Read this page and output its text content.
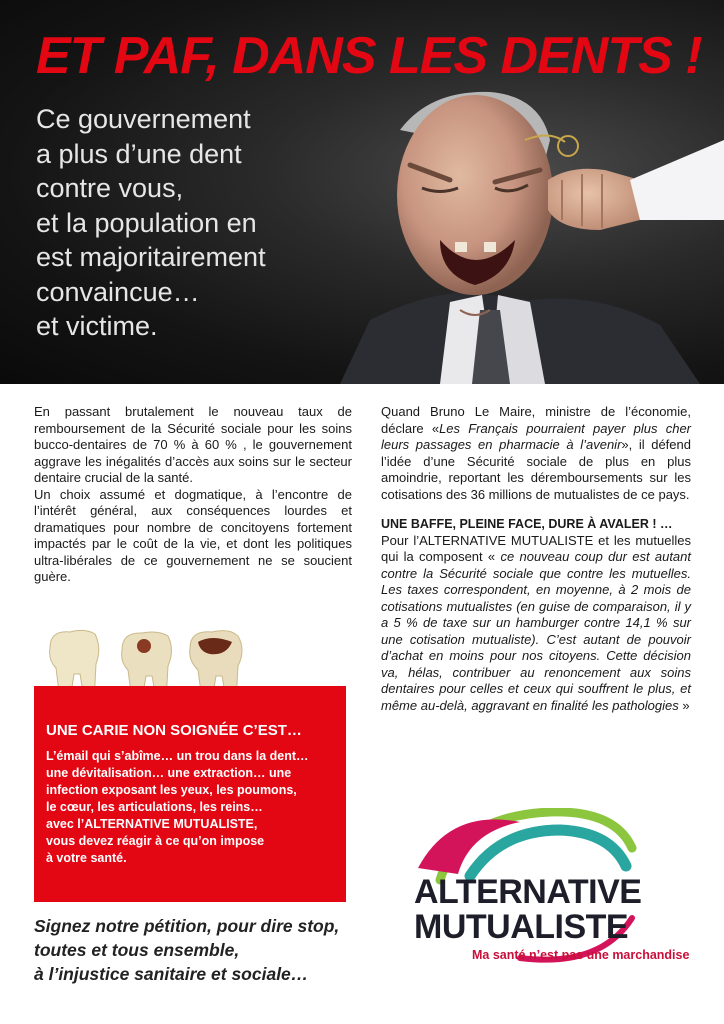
ET PAF, DANS LES DENTS !
Ce gouvernement
a plus d’une dent
contre vous,
et la population en
est majoritairement
convaincue…
et victime.

En passant brutalement le nouveau taux de remboursement de la Sécurité sociale pour les soins bucco-dentaires de 70 % à 60 % , le gouvernement aggrave les inégalités d’accès aux soins sur le secteur dentaire crucial de la santé.

Un choix assumé et dogmatique, à l’encontre de l’intérêt général, aux conséquences lourdes et dramatiques pour nombre de concitoyens fortement impactés par le coût de la vie, et dont les politiques ultra-libérales de ce gouvernement ne se soucient guère.

UNE CARIE NON SOIGNÉE C’EST…
L’émail qui s’abîme… un trou dans la dent…
une dévitalisation… une extraction… une
infection exposant les yeux, les poumons,
le cœur, les articulations, les reins…
avec l’ALTERNATIVE MUTUALISTE,
vous devez réagir à ce qu’on impose
à votre santé.
Signez notre pétition, pour dire stop,
toutes et tous ensemble,
à l’injustice sanitaire et sociale…

Quand Bruno Le Maire, ministre de l’économie, déclare «Les Français pourraient payer plus cher leurs passages en pharmacie à l’avenir», il défend l’idée d’une Sécurité sociale de plus en plus amoindrie, reportant les déremboursements sur les cotisations des 36 millions de mutualistes de ce pays.

UNE BAFFE, PLEINE FACE, DURE À AVALER ! …

Pour l’ALTERNATIVE MUTUALISTE et les mutuelles qui la composent « ce nouveau coup dur est autant contre la Sécurité sociale que contre les mutuelles. Les taxes correspondent, en moyenne, à 2 mois de cotisations mutualistes (en guise de comparaison, il y a 5 % de taxe sur un hamburger contre 14,1 % sur une cotisation mutualiste). C’est autant de pouvoir d’achat en moins pour nos citoyens. Cette décision va, hélas, contribuer au renoncement aux soins dentaires pour celles et ceux qui souffrent le plus, et même au-delà, aggravant en finalité les pathologies »

ALTERNATIVE
MUTUALISTE
Ma santé n’est pas une marchandise
